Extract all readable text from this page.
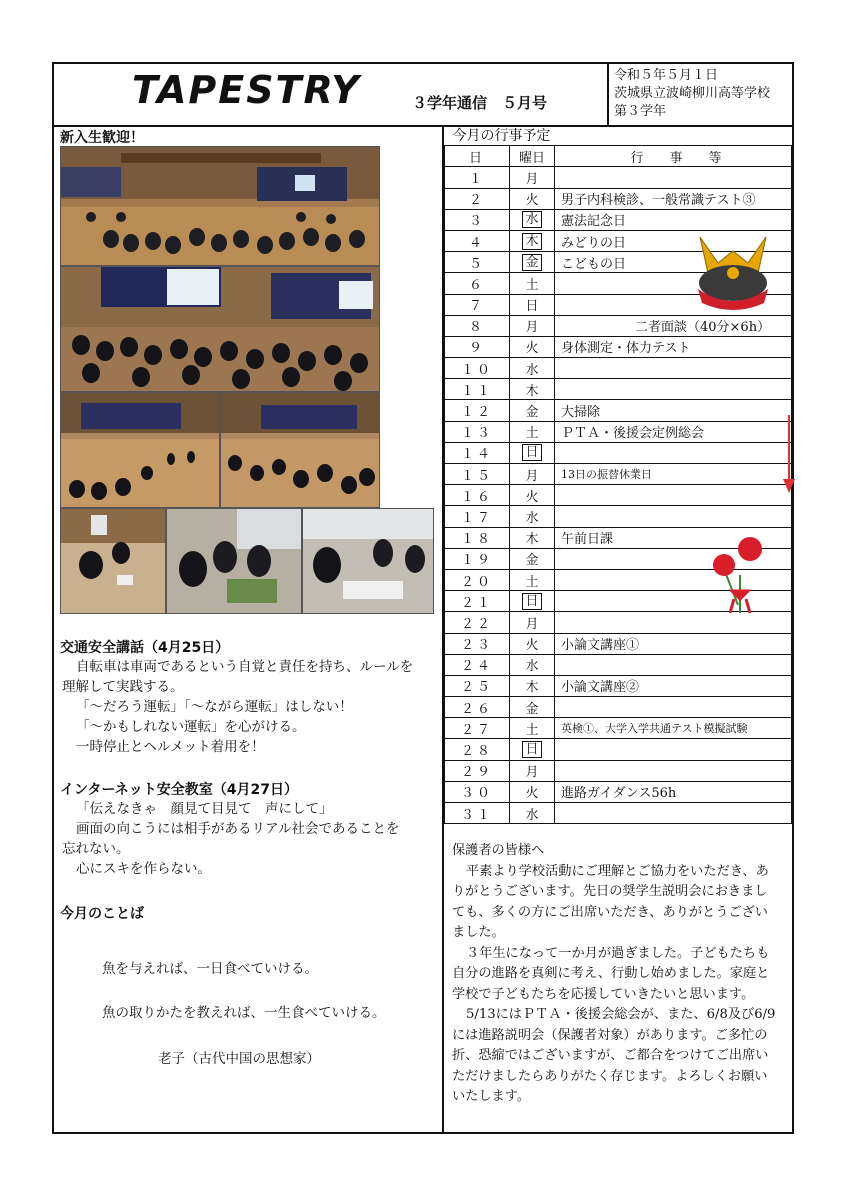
TAPESTRY	３学年通信　５月号
令和５年５月１日
茨城県立波崎柳川高等学校
第３学年
新入生歓迎！
交通安全講話（4月25日）
自転車は車両であるという自覚と責任を持ち、ルールを
理解して実践する。
「～だろう運転」「～ながら運転」はしない！
「～かもしれない運転」を心がける。
一時停止とヘルメット着用を！
インターネット安全教室（4月27日）
「伝えなきゃ　顔見て目見て　声にして」
画面の向こうには相手があるリアル社会であることを
忘れない。
心にスキを作らない。
今月のことば
魚を与えれば、一日食べていける。
魚の取りかたを教えれば、一生食べていける。
老子（古代中国の思想家）
今月の行事予定		
日	曜日	行　　事　　等
１	月	
２	火	男子内科検診、一般常識テスト③
３	水	憲法記念日
４	木	みどりの日
５	金	こどもの日
６	土	
７	日	
８	月	二者面談（40分×6h）
９	火	身体測定・体力テスト
１０	水	
１１	木	
１２	金	大掃除
１３	土	ＰＴＡ・後援会定例総会
１４	日	
１５	月	13日の振替休業日
１６	火	
１７	水	
１８	木	午前日課
１９	金	
２０	土	
２１	日	
２２	月	
２３	火	小論文講座①
２４	水	
２５	木	小論文講座②
２６	金	
２７	土	英検①、大学入学共通テスト模擬試験
２８	日	
２９	月	
３０	火	進路ガイダンス56h
３１	水	
保護者の皆様へ
平素より学校活動にご理解とご協力をいただき、あ
りがとうございます。先日の奨学生説明会におきまし
ても、多くの方にご出席いただき、ありがとうござい
ました。
３年生になって一か月が過ぎました。子どもたちも
自分の進路を真剣に考え、行動し始めました。家庭と
学校で子どもたちを応援していきたいと思います。
5/13にはＰＴＡ・後援会総会が、また、6/8及び6/9
には進路説明会（保護者対象）があります。ご多忙の
折、恐縮ではございますが、ご都合をつけてご出席い
ただけましたらありがたく存じます。よろしくお願い
いたします。
